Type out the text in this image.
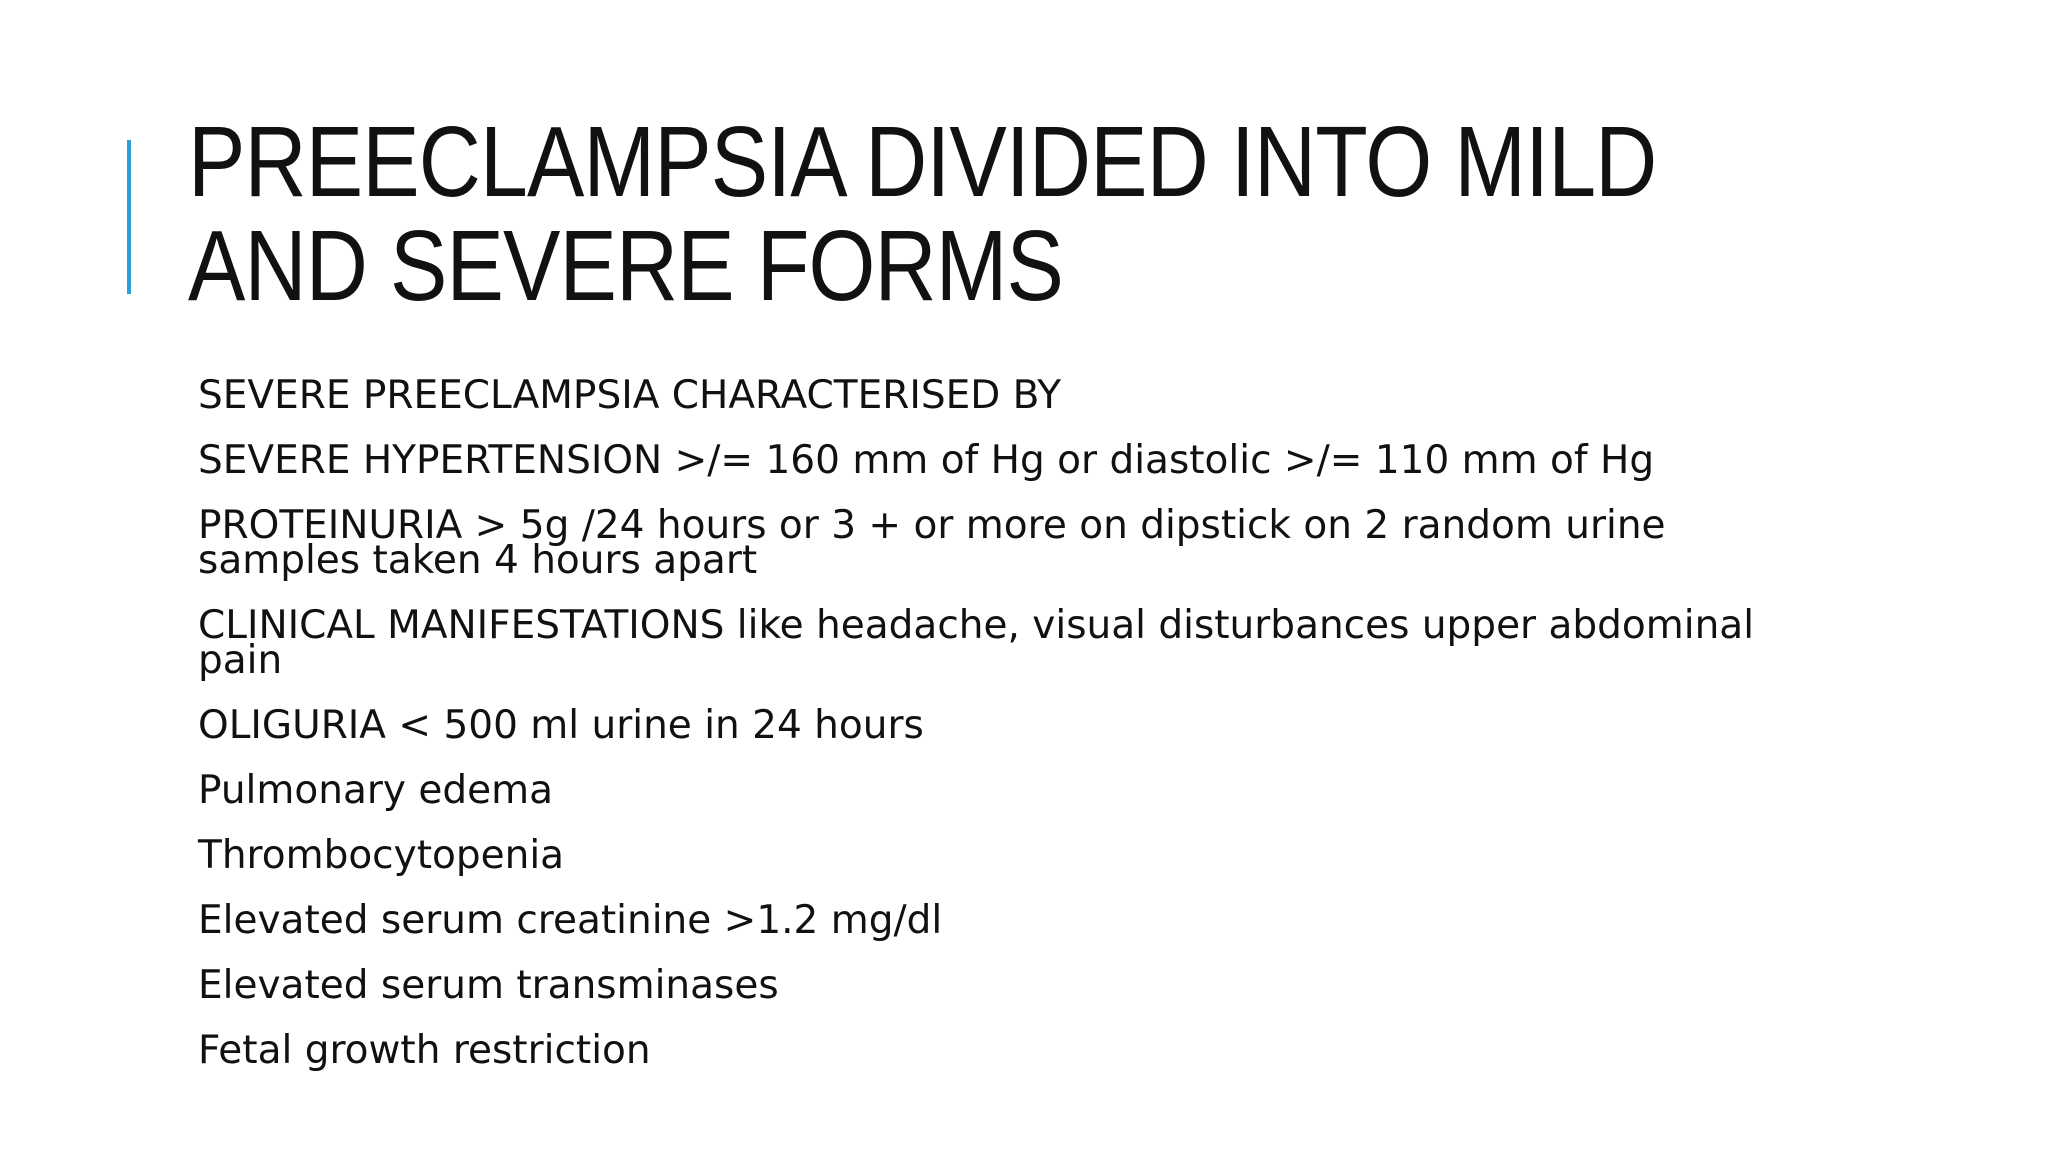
PREECLAMPSIA DIVIDED INTO MILD
AND SEVERE FORMS
SEVERE PREECLAMPSIA CHARACTERISED BY
SEVERE HYPERTENSION >/= 160 mm of Hg or diastolic >/= 110 mm of Hg
PROTEINURIA > 5g /24 hours or 3 + or more on dipstick on 2 random urine samples taken 4 hours apart
CLINICAL MANIFESTATIONS like headache, visual disturbances upper abdominal pain
OLIGURIA < 500 ml urine in 24 hours
Pulmonary edema
Thrombocytopenia
Elevated serum creatinine >1.2 mg/dl
Elevated serum transminases
Fetal growth restriction
